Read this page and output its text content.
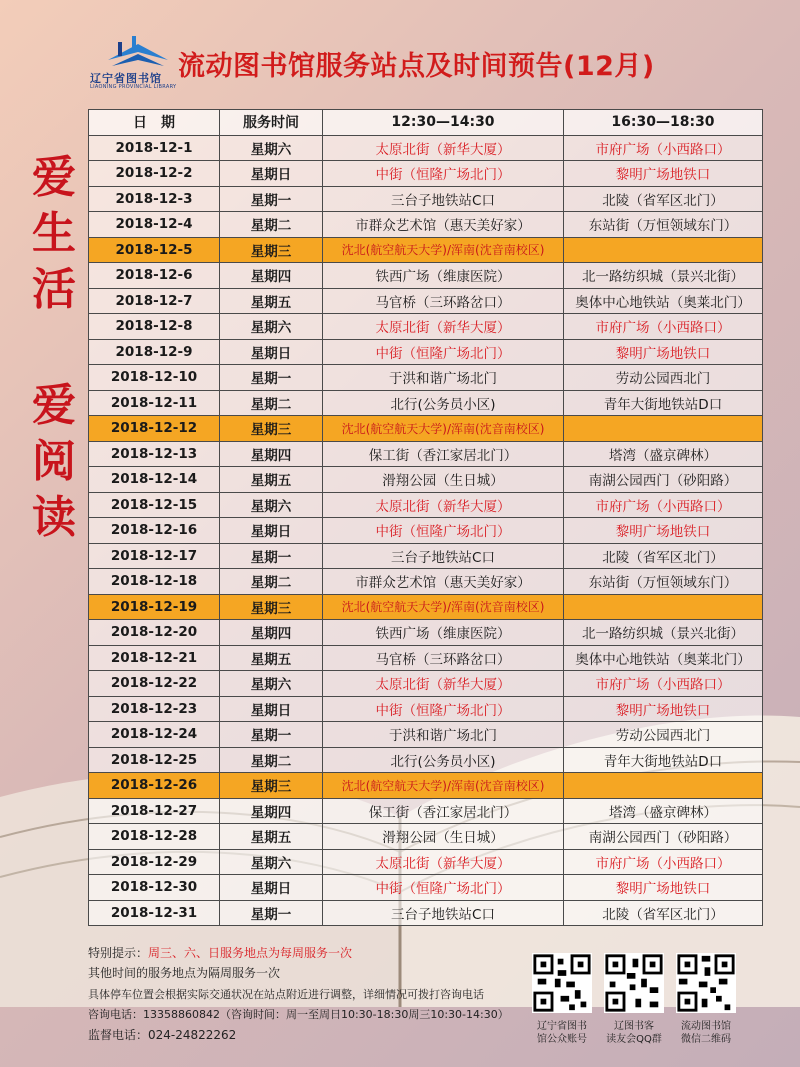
辽宁省图书馆
LIAONING PROVINCIAL LIBRARY
流动图书馆服务站点及时间预告(12月)
爱
生
活
爱
阅
读
日　期	服务时间	12:30—14:30	16:30—18:30
2018-12-1	星期六	太原北街（新华大厦）	市府广场（小西路口）
2018-12-2	星期日	中街（恒隆广场北门）	黎明广场地铁口
2018-12-3	星期一	三台子地铁站C口	北陵（省军区北门）
2018-12-4	星期二	市群众艺术馆（惠天美好家）	东站街（万恒领域东门）
2018-12-5	星期三	沈北(航空航天大学)/浑南(沈音南校区)	
2018-12-6	星期四	铁西广场（维康医院）	北一路纺织城（景兴北街）
2018-12-7	星期五	马官桥（三环路岔口）	奥体中心地铁站（奥莱北门）
2018-12-8	星期六	太原北街（新华大厦）	市府广场（小西路口）
2018-12-9	星期日	中街（恒隆广场北门）	黎明广场地铁口
2018-12-10	星期一	于洪和谐广场北门	劳动公园西北门
2018-12-11	星期二	北行(公务员小区)	青年大街地铁站D口
2018-12-12	星期三	沈北(航空航天大学)/浑南(沈音南校区)	
2018-12-13	星期四	保工街（香江家居北门）	塔湾（盛京碑林）
2018-12-14	星期五	滑翔公园（生日城）	南湖公园西门（砂阳路）
2018-12-15	星期六	太原北街（新华大厦）	市府广场（小西路口）
2018-12-16	星期日	中街（恒隆广场北门）	黎明广场地铁口
2018-12-17	星期一	三台子地铁站C口	北陵（省军区北门）
2018-12-18	星期二	市群众艺术馆（惠天美好家）	东站街（万恒领域东门）
2018-12-19	星期三	沈北(航空航天大学)/浑南(沈音南校区)	
2018-12-20	星期四	铁西广场（维康医院）	北一路纺织城（景兴北街）
2018-12-21	星期五	马官桥（三环路岔口）	奥体中心地铁站（奥莱北门）
2018-12-22	星期六	太原北街（新华大厦）	市府广场（小西路口）
2018-12-23	星期日	中街（恒隆广场北门）	黎明广场地铁口
2018-12-24	星期一	于洪和谐广场北门	劳动公园西北门
2018-12-25	星期二	北行(公务员小区)	青年大街地铁站D口
2018-12-26	星期三	沈北(航空航天大学)/浑南(沈音南校区)	
2018-12-27	星期四	保工街（香江家居北门）	塔湾（盛京碑林）
2018-12-28	星期五	滑翔公园（生日城）	南湖公园西门（砂阳路）
2018-12-29	星期六	太原北街（新华大厦）	市府广场（小西路口）
2018-12-30	星期日	中街（恒隆广场北门）	黎明广场地铁口
2018-12-31	星期一	三台子地铁站C口	北陵（省军区北门）
特别提示：周三、六、日服务地点为每周服务一次
其他时间的服务地点为隔周服务一次
具体停车位置会根据实际交通状况在站点附近进行调整，详细情况可拨打咨询电话
咨询电话：13358860842（咨询时间：周一至周日10:30-18:30周三10:30-14:30）
监督电话：024-24822262
辽宁省图书
馆公众账号
辽图书客
读友会QQ群
流动图书馆
微信二维码
